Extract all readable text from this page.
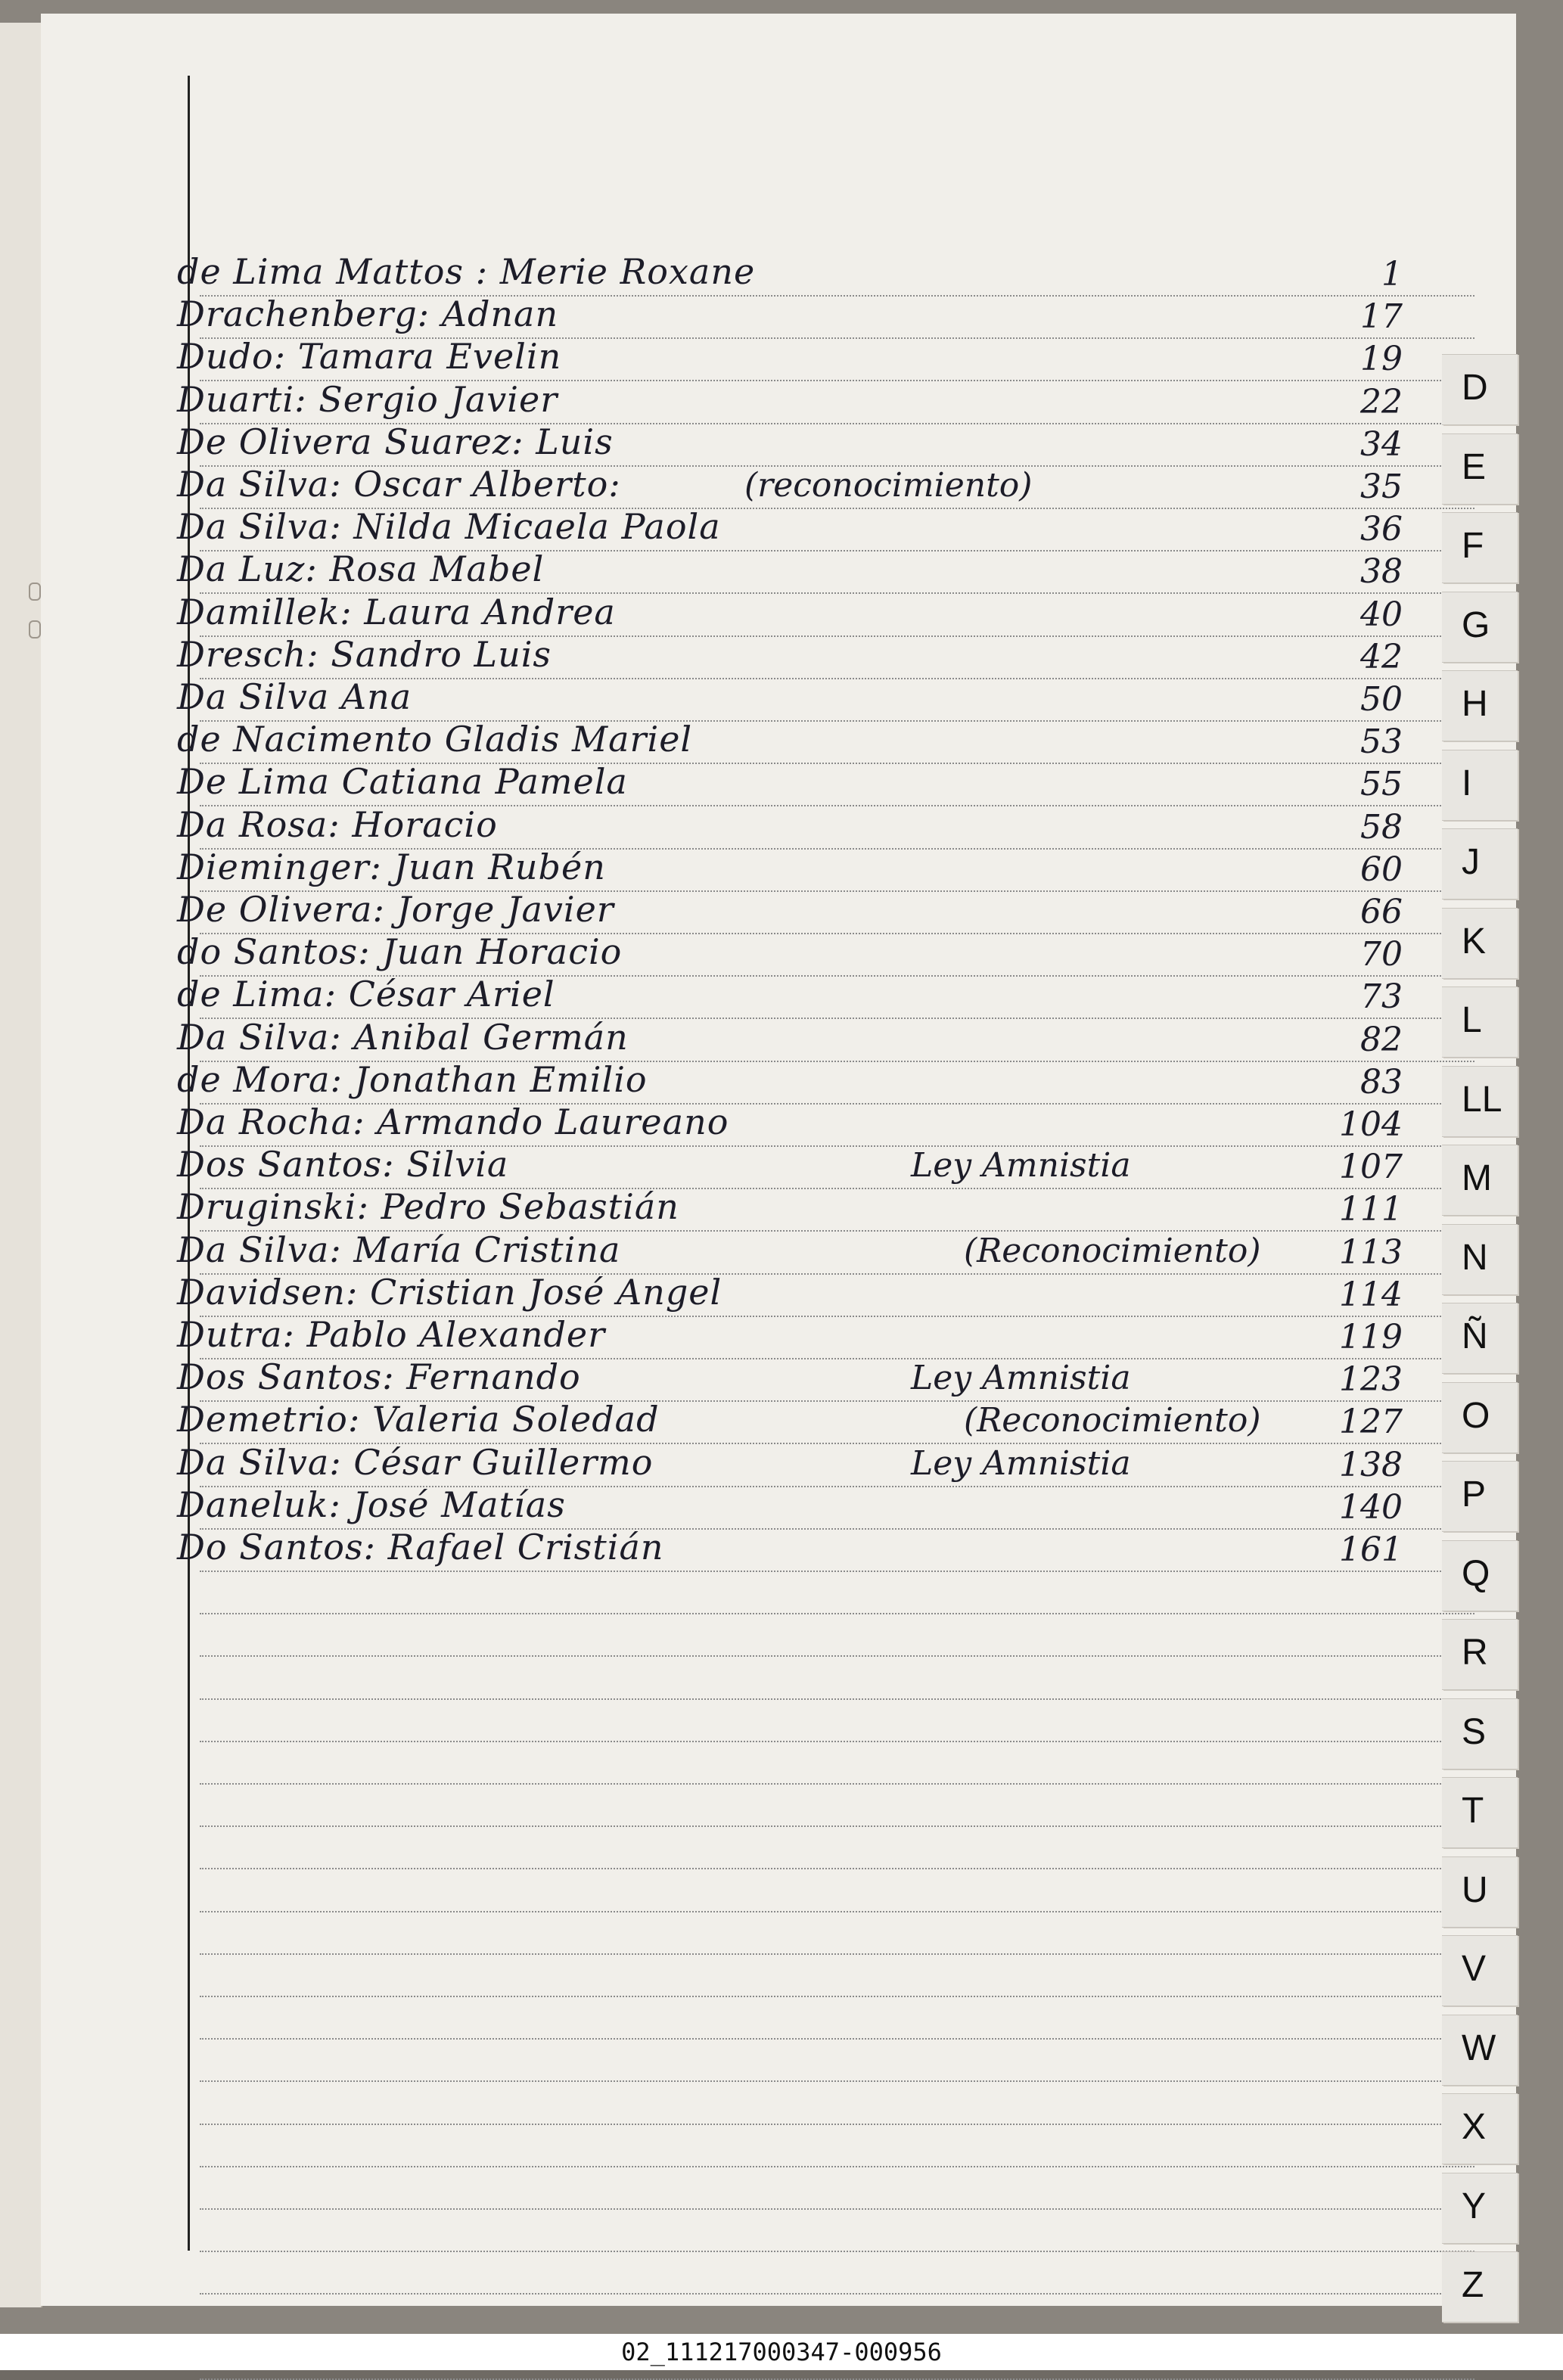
de Lima Mattos : Merie Roxane	1
Drachenberg: Adnan	17
Dudo: Tamara Evelin	19
Duarti: Sergio Javier	22
De Olivera Suarez: Luis	34
Da Silva: Oscar Alberto:	(reconocimiento)	35
Da Silva: Nilda Micaela Paola	36
Da Luz: Rosa Mabel	38
Damillek: Laura Andrea	40
Dresch: Sandro Luis	42
Da Silva Ana	50
de Nacimento Gladis Mariel	53
De Lima Catiana Pamela	55
Da Rosa: Horacio	58
Dieminger: Juan Rubén	60
De Olivera: Jorge Javier	66
do Santos: Juan Horacio	70
de Lima: César Ariel	73
Da Silva: Anibal Germán	82
de Mora: Jonathan Emilio	83
Da Rocha: Armando Laureano	104
Dos Santos: Silvia	Ley Amnistia	107
Druginski: Pedro Sebastián	111
Da Silva: María Cristina	(Reconocimiento) 113
Davidsen: Cristian José Angel	114
Dutra: Pablo Alexander	119
Dos Santos: Fernando	Ley Amnistia	123
Demetrio: Valeria Soledad	(Reconocimiento) 127
Da Silva: César Guillermo	Ley Amnistia	138
Daneluk: José Matías	140
Do Santos: Rafael Cristián	161
D
E
F
G
H
I
J
K
L
LL
M
N
Ñ
O
P
Q
R
S
T
U
V
W
X
Y
Z
02_111217000347-000956
